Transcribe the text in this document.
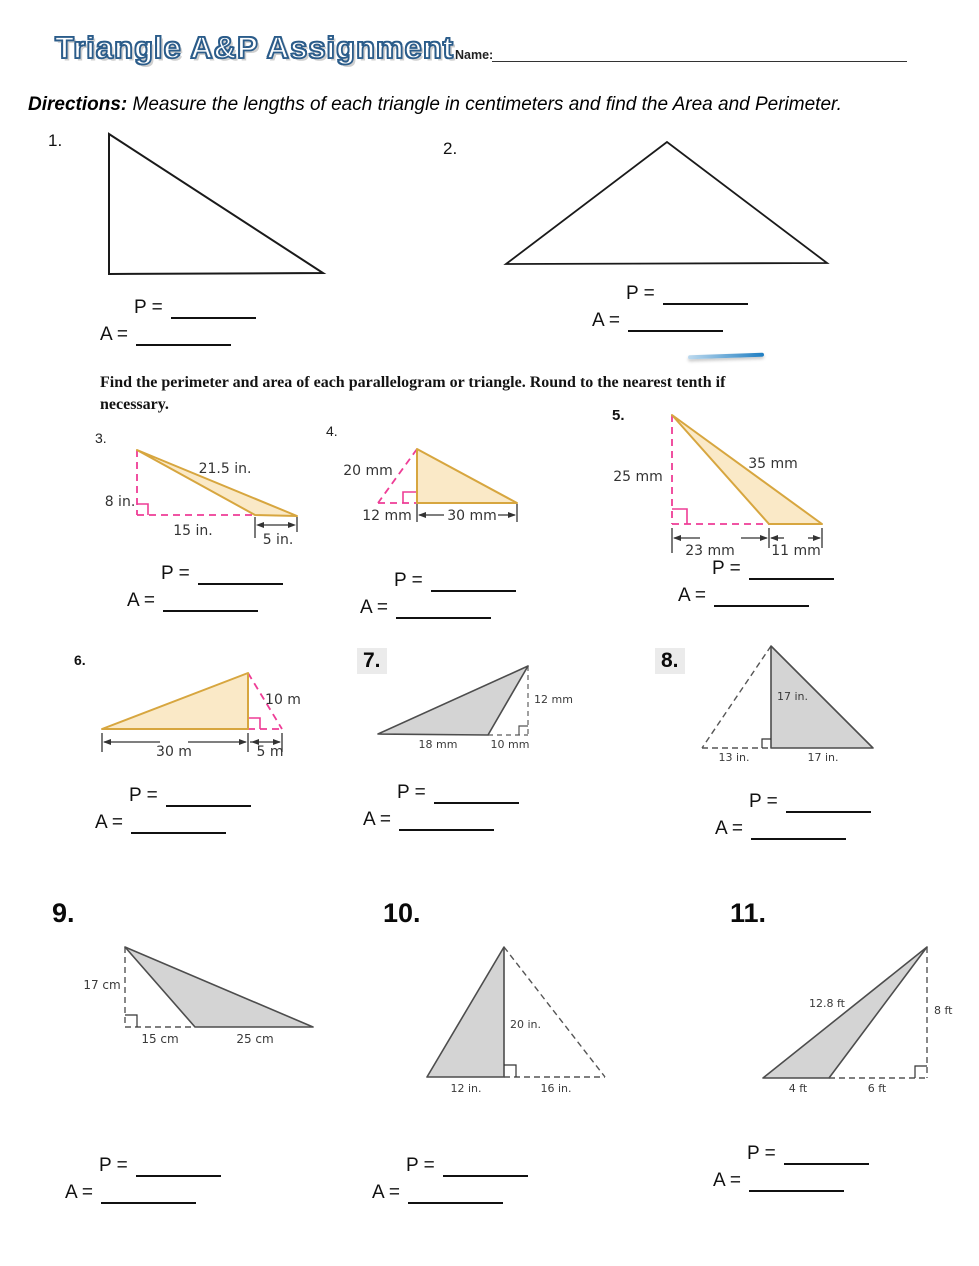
Triangle A&P Assignment Name:
Directions: Measure the lengths of each triangle in centimeters and find the Area and Perimeter.
1.
P =
A =
2.
P =
A =
Find the perimeter and area of each parallelogram or triangle. Round to the nearest tenth if necessary.
3.
8 in.
21.5 in.
15 in.
5 in.
P =
A =
4.
20 mm
12 mm	30 mm
P =
A =
5.
25 mm
35 mm
23 mm	11 mm
P =
A =
6.
10 m
30 m	5 m
P =
A =
7.
12 mm
18 mm	10 mm
P =
A =
8.
17 in.
13 in.	17 in.
P =
A =
9.
17 cm
15 cm	25 cm
P =
A =
10.
20 in.
12 in.	16 in.
P =
A =
11.
8 ft
12.8 ft
4 ft	6 ft
P =
A =
